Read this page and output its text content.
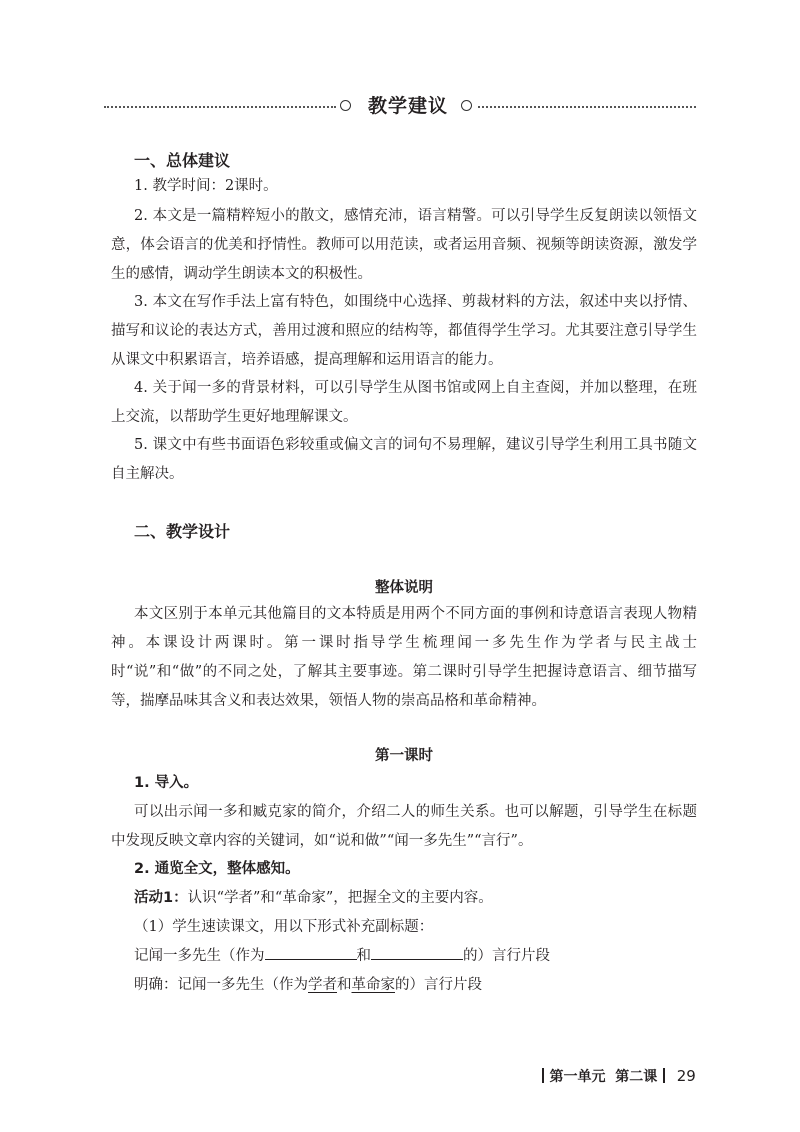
教学建议
一、总体建议
1. 教学时间：2课时。
2. 本文是一篇精粹短小的散文，感情充沛，语言精警。可以引导学生反复朗读以领悟文意，体会语言的优美和抒情性。教师可以用范读，或者运用音频、视频等朗读资源，激发学生的感情，调动学生朗读本文的积极性。
3. 本文在写作手法上富有特色，如围绕中心选择、剪裁材料的方法，叙述中夹以抒情、描写和议论的表达方式，善用过渡和照应的结构等，都值得学生学习。尤其要注意引导学生从课文中积累语言，培养语感，提高理解和运用语言的能力。
4. 关于闻一多的背景材料，可以引导学生从图书馆或网上自主查阅，并加以整理，在班上交流，以帮助学生更好地理解课文。
5. 课文中有些书面语色彩较重或偏文言的词句不易理解，建议引导学生利用工具书随文自主解决。
二、教学设计
整体说明
本文区别于本单元其他篇目的文本特质是用两个不同方面的事例和诗意语言表现人物精神。本课设计两课时。第一课时指导学生梳理闻一多先生作为学者与民主战士时“说”和“做”的不同之处，了解其主要事迹。第二课时引导学生把握诗意语言、细节描写等，揣摩品味其含义和表达效果，领悟人物的崇高品格和革命精神。
第一课时
1. 导入。
可以出示闻一多和臧克家的简介，介绍二人的师生关系。也可以解题，引导学生在标题中发现反映文章内容的关键词，如“说和做”“闻一多先生”“言行”。
2. 通览全文，整体感知。
活动1：认识“学者”和“革命家”，把握全文的主要内容。
（1）学生速读课文，用以下形式补充副标题：
记闻一多先生（作为	和	的）言行片段
明确：记闻一多先生（作为学者和革命家的）言行片段
第一单元 第二课 29
